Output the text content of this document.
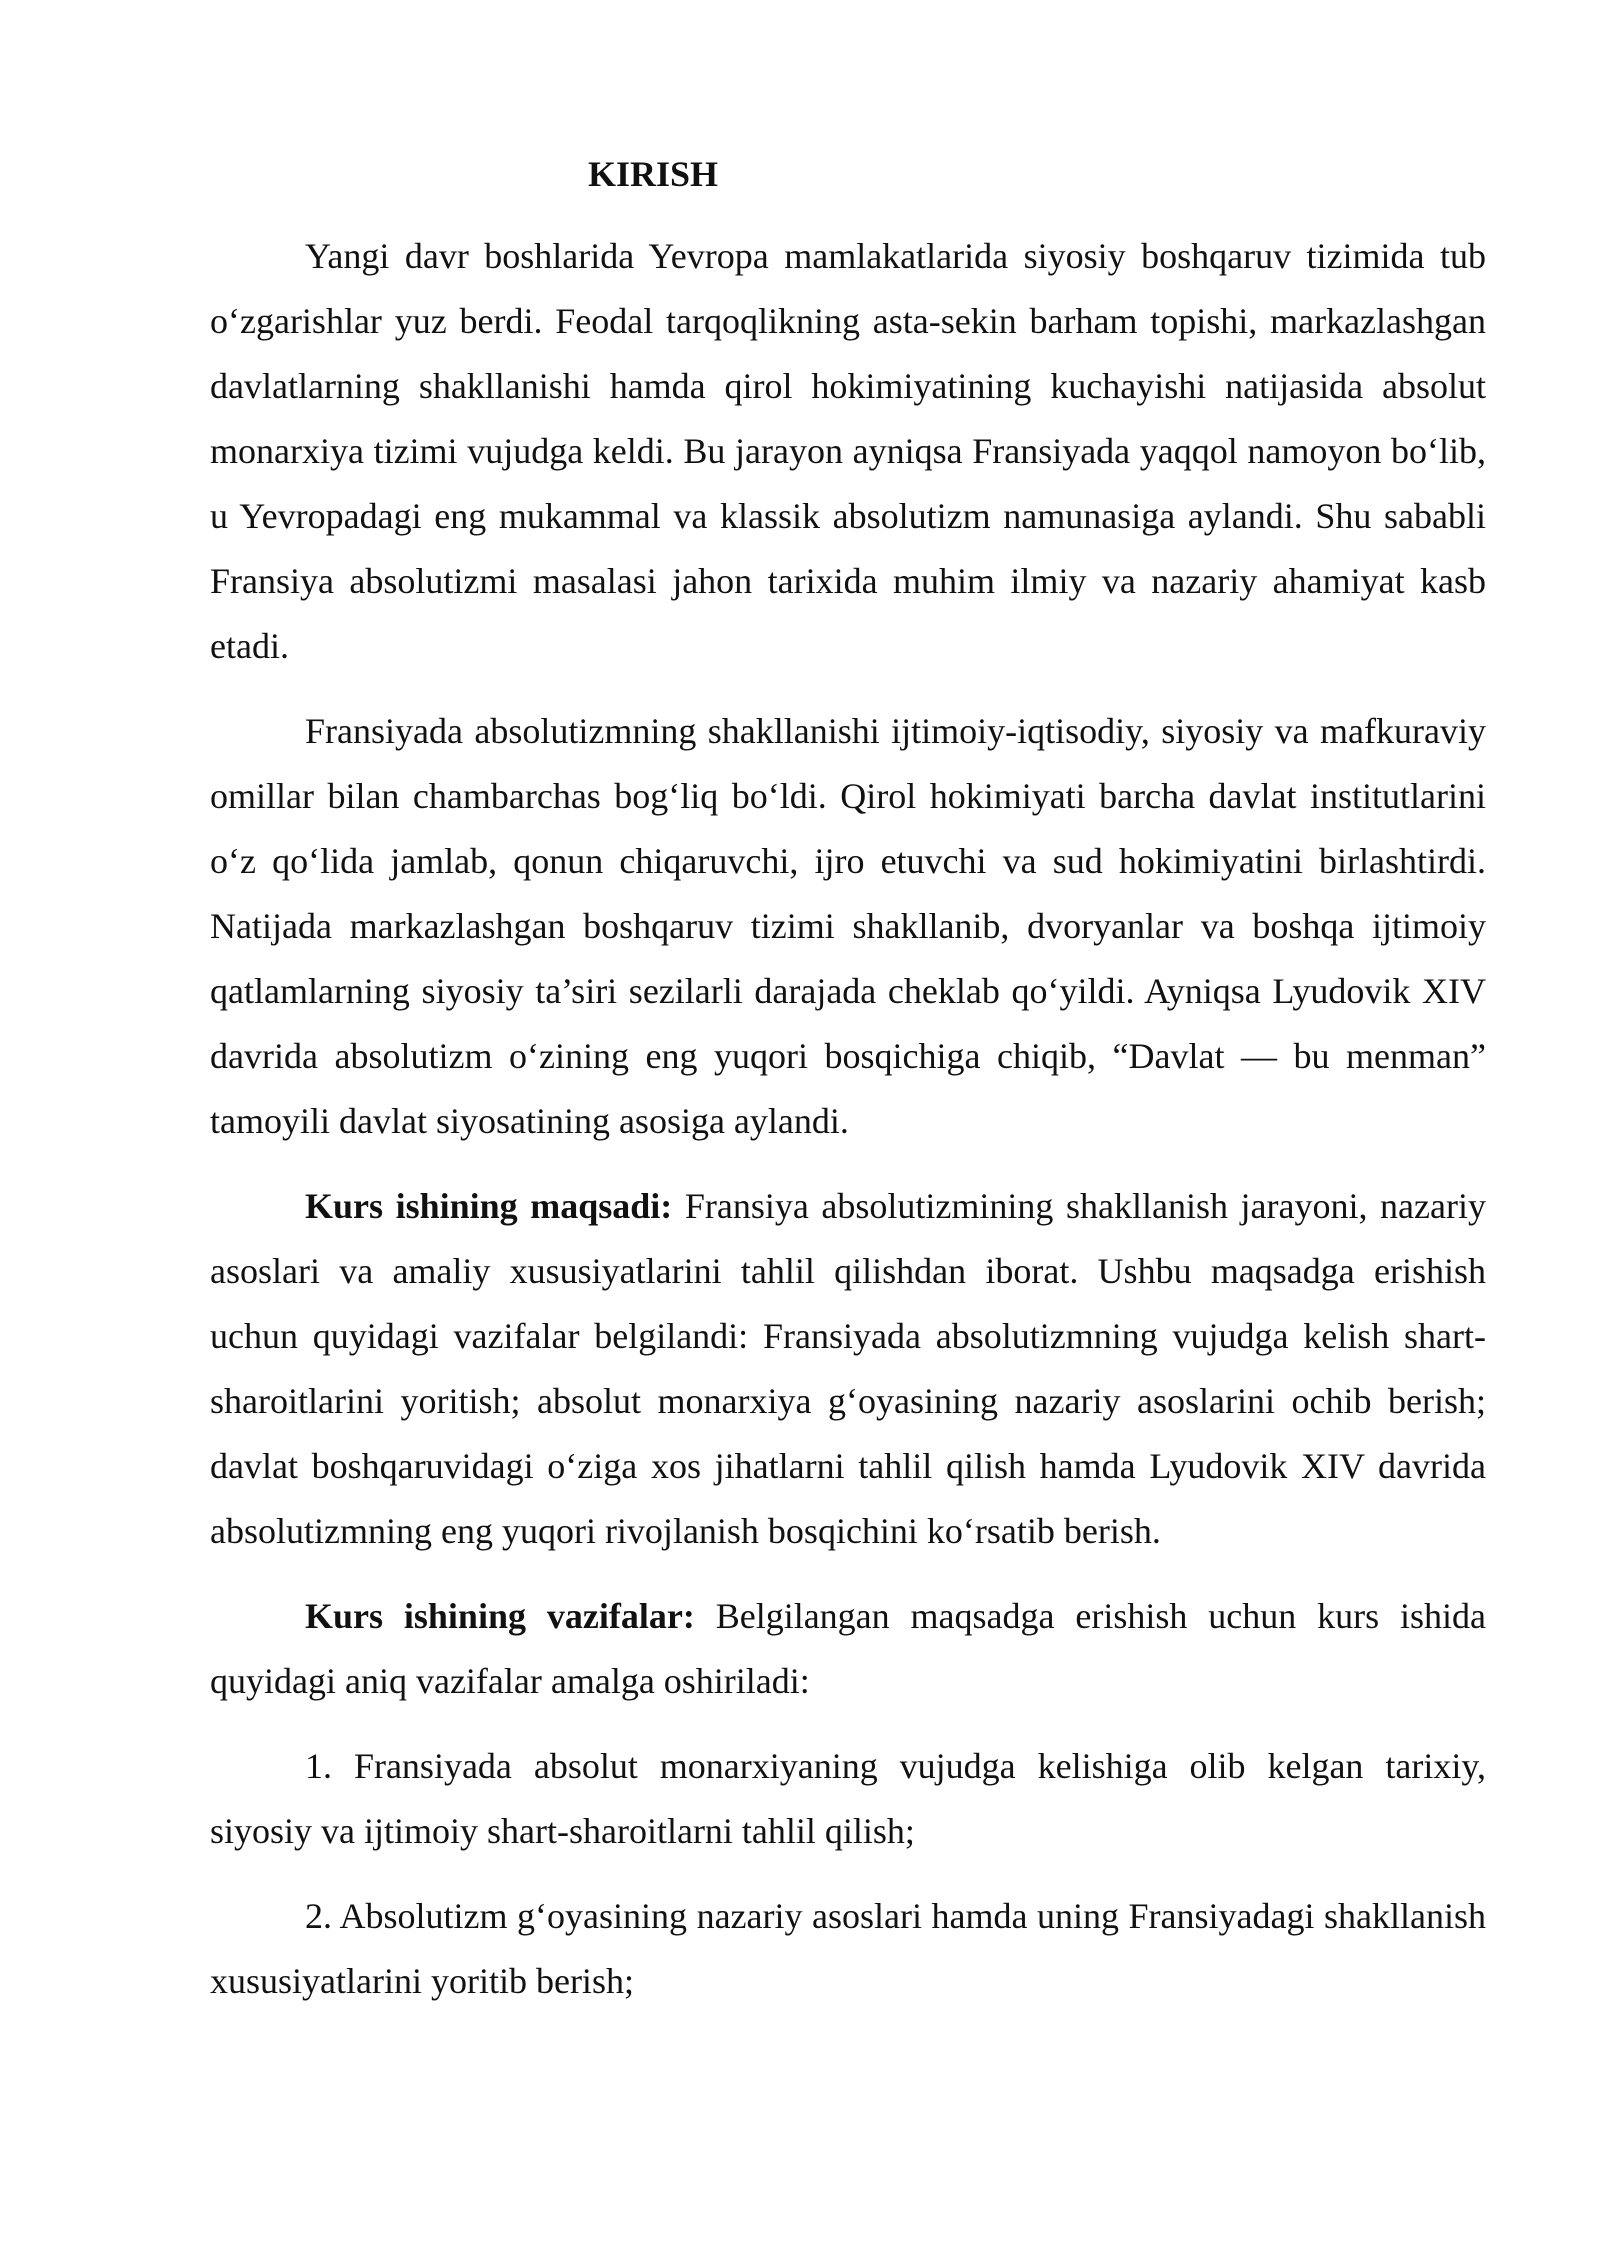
KIRISH

Yangi davr boshlarida Yevropa mamlakatlarida siyosiy boshqaruv tizimida tub oʻzgarishlar yuz berdi. Feodal tarqoqlikning asta-sekin barham topishi, markazlashgan davlatlarning shakllanishi hamda qirol hokimiyatining kuchayishi natijasida absolut monarxiya tizimi vujudga keldi. Bu jarayon ayniqsa Fransiyada yaqqol namoyon boʻlib, u Yevropadagi eng mukammal va klassik absolutizm namunasiga aylandi. Shu sababli Fransiya absolutizmi masalasi jahon tarixida muhim ilmiy va nazariy ahamiyat kasb etadi.

Fransiyada absolutizmning shakllanishi ijtimoiy-iqtisodiy, siyosiy va mafkuraviy omillar bilan chambarchas bogʻliq boʻldi. Qirol hokimiyati barcha davlat institutlarini oʻz qoʻlida jamlab, qonun chiqaruvchi, ijro etuvchi va sud hokimiyatini birlashtirdi. Natijada markazlashgan boshqaruv tizimi shakllanib, dvoryanlar va boshqa ijtimoiy qatlamlarning siyosiy ta’siri sezilarli darajada cheklab qoʻyildi. Ayniqsa Lyudovik XIV davrida absolutizm oʻzining eng yuqori bosqichiga chiqib, “Davlat — bu menman” tamoyili davlat siyosatining asosiga aylandi.

Kurs ishining maqsadi: Fransiya absolutizmining shakllanish jarayoni, nazariy asoslari va amaliy xususiyatlarini tahlil qilishdan iborat. Ushbu maqsadga erishish uchun quyidagi vazifalar belgilandi: Fransiyada absolutizmning vujudga kelish shart-sharoitlarini yoritish; absolut monarxiya gʻoyasining nazariy asoslarini ochib berish; davlat boshqaruvidagi oʻziga xos jihatlarni tahlil qilish hamda Lyudovik XIV davrida absolutizmning eng yuqori rivojlanish bosqichini koʻrsatib berish.

Kurs ishining vazifalar: Belgilangan maqsadga erishish uchun kurs ishida quyidagi aniq vazifalar amalga oshiriladi:

1. Fransiyada absolut monarxiyaning vujudga kelishiga olib kelgan tarixiy, siyosiy va ijtimoiy shart-sharoitlarni tahlil qilish;

2. Absolutizm gʻoyasining nazariy asoslari hamda uning Fransiyadagi shakllanish xususiyatlarini yoritib berish;
